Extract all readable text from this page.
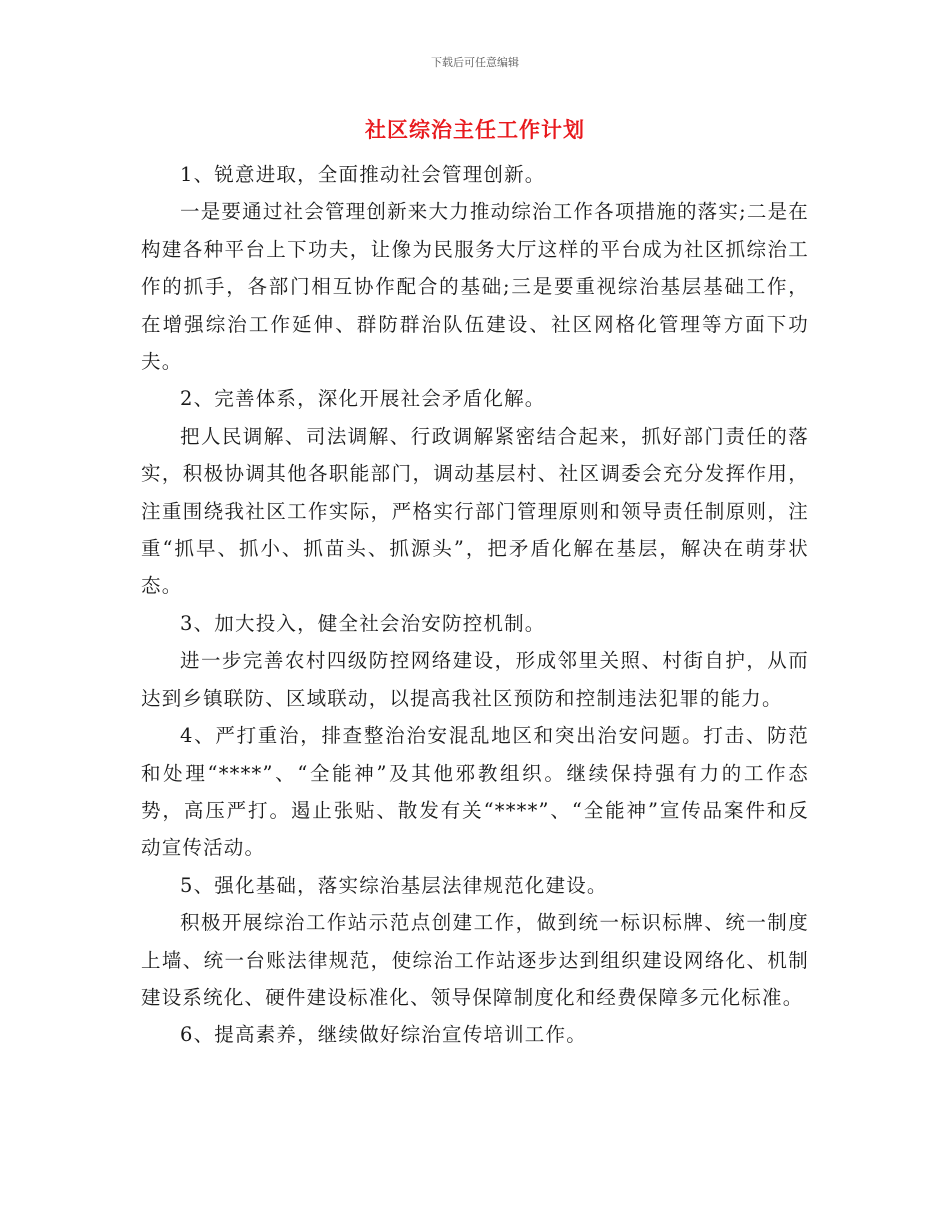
下载后可任意编辑
社区综治主任工作计划

1、锐意进取，全面推动社会管理创新。

一是要通过社会管理创新来大力推动综治工作各项措施的落实;二是在构建各种平台上下功夫，让像为民服务大厅这样的平台成为社区抓综治工作的抓手，各部门相互协作配合的基础;三是要重视综治基层基础工作，在增强综治工作延伸、群防群治队伍建设、社区网格化管理等方面下功夫。

2、完善体系，深化开展社会矛盾化解。

把人民调解、司法调解、行政调解紧密结合起来，抓好部门责任的落实，积极协调其他各职能部门，调动基层村、社区调委会充分发挥作用，注重围绕我社区工作实际，严格实行部门管理原则和领导责任制原则，注重“抓早、抓小、抓苗头、抓源头”，把矛盾化解在基层，解决在萌芽状态。

3、加大投入，健全社会治安防控机制。

进一步完善农村四级防控网络建设，形成邻里关照、村街自护，从而达到乡镇联防、区域联动，以提高我社区预防和控制违法犯罪的能力。

4、严打重治，排查整治治安混乱地区和突出治安问题。打击、防范和处理“****”、“全能神”及其他邪教组织。继续保持强有力的工作态势，高压严打。遏止张贴、散发有关“****”、“全能神”宣传品案件和反动宣传活动。

5、强化基础，落实综治基层法律规范化建设。

积极开展综治工作站示范点创建工作，做到统一标识标牌、统一制度上墙、统一台账法律规范，使综治工作站逐步达到组织建设网络化、机制建设系统化、硬件建设标准化、领导保障制度化和经费保障多元化标准。

6、提高素养，继续做好综治宣传培训工作。
